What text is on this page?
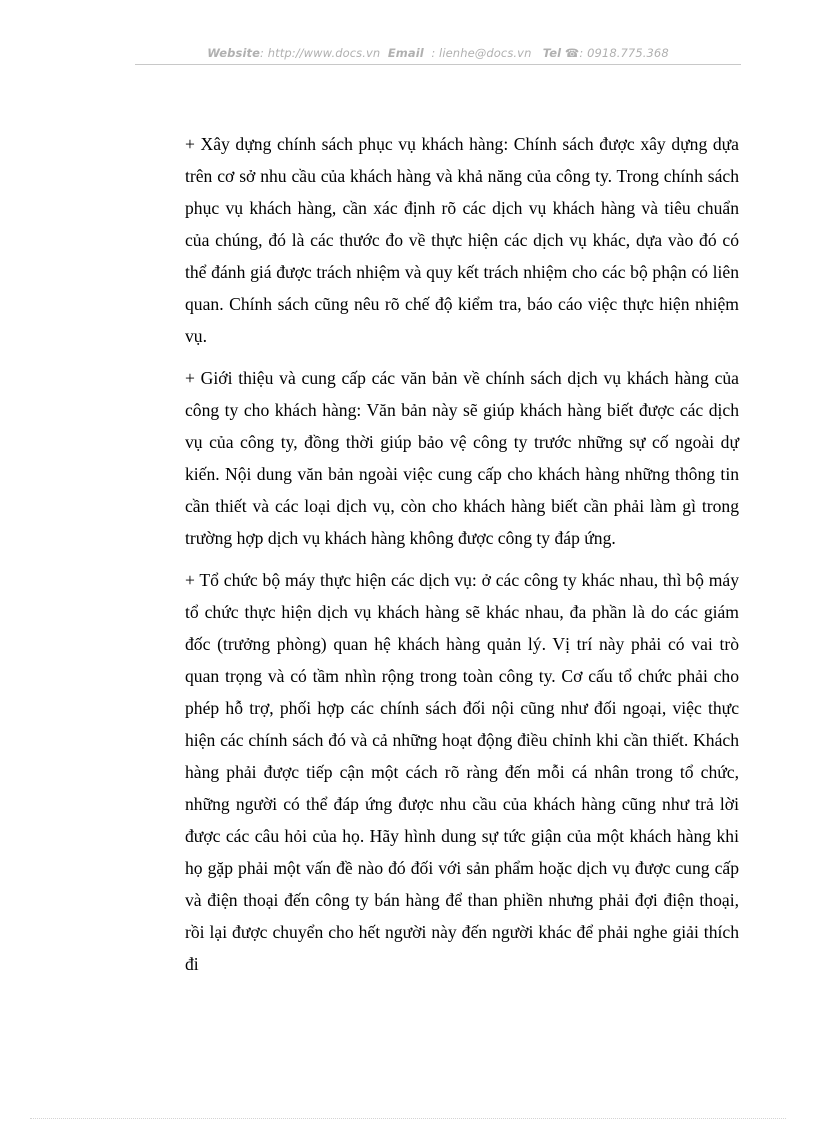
Website: http://www.docs.vn Email : lienhe@docs.vn Tel ☎: 0918.775.368

+ Xây dựng chính sách phục vụ khách hàng: Chính sách được xây dựng dựa trên cơ sở nhu cầu của khách hàng và khả năng của công ty. Trong chính sách phục vụ khách hàng, cần xác định rõ các dịch vụ khách hàng và tiêu chuẩn của chúng, đó là các thước đo về thực hiện các dịch vụ khác, dựa vào đó có thể đánh giá được trách nhiệm và quy kết trách nhiệm cho các bộ phận có liên quan. Chính sách cũng nêu rõ chế độ kiểm tra, báo cáo việc thực hiện nhiệm vụ.

+ Giới thiệu và cung cấp các văn bản về chính sách dịch vụ khách hàng của công ty cho khách hàng: Văn bản này sẽ giúp khách hàng biết được các dịch vụ của công ty, đồng thời giúp bảo vệ công ty trước những sự cố ngoài dự kiến. Nội dung văn bản ngoài việc cung cấp cho khách hàng những thông tin cần thiết và các loại dịch vụ, còn cho khách hàng biết cần phải làm gì trong trường hợp dịch vụ khách hàng không được công ty đáp ứng.

+ Tổ chức bộ máy thực hiện các dịch vụ: ở các công ty khác nhau, thì bộ máy tổ chức thực hiện dịch vụ khách hàng sẽ khác nhau, đa phần là do các giám đốc (trưởng phòng) quan hệ khách hàng quản lý. Vị trí này phải có vai trò quan trọng và có tầm nhìn rộng trong toàn công ty. Cơ cấu tổ chức phải cho phép hỗ trợ, phối hợp các chính sách đối nội cũng như đối ngoại, việc thực hiện các chính sách đó và cả những hoạt động điều chỉnh khi cần thiết. Khách hàng phải được tiếp cận một cách rõ ràng đến mỗi cá nhân trong tổ chức, những người có thể đáp ứng được nhu cầu của khách hàng cũng như trả lời được các câu hỏi của họ. Hãy hình dung sự tức giận của một khách hàng khi họ gặp phải một vấn đề nào đó đối với sản phẩm hoặc dịch vụ được cung cấp và điện thoại đến công ty bán hàng để than phiền nhưng phải đợi điện thoại, rồi lại được chuyển cho hết người này đến người khác để phải nghe giải thích đi
